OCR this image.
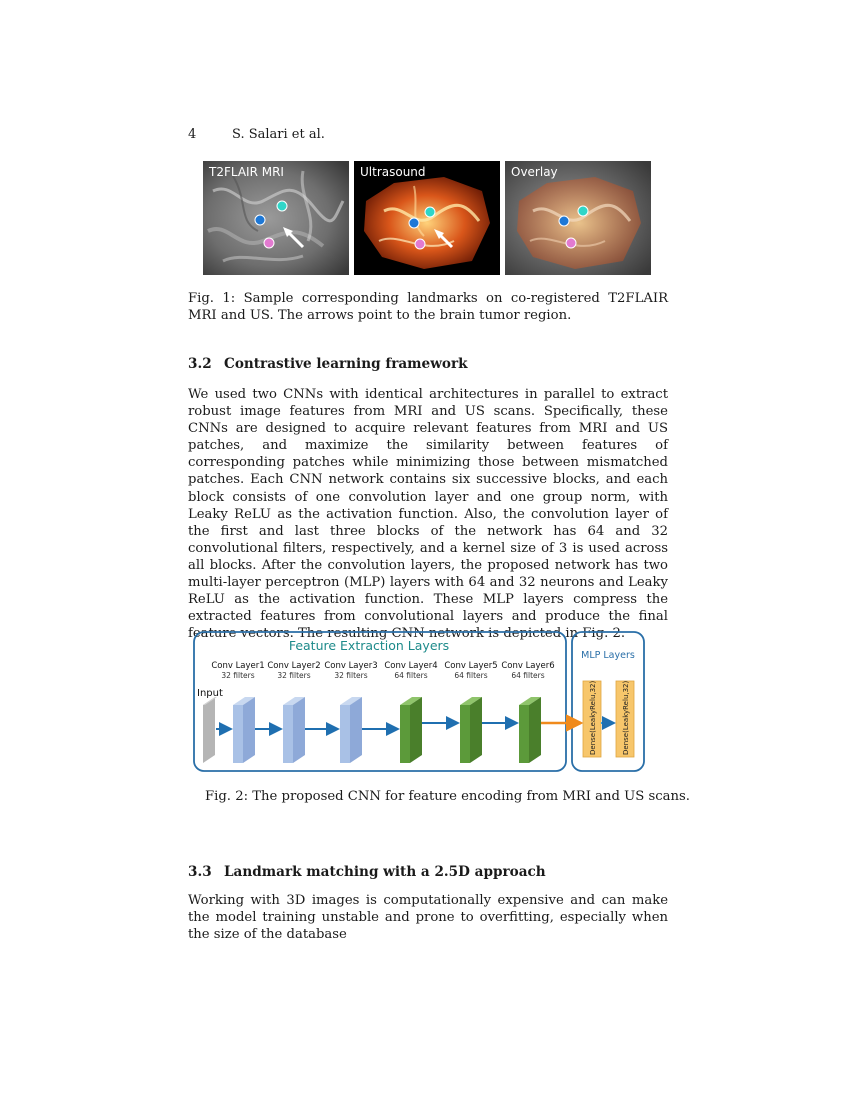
4	S. Salari et al.
T2FLAIR MRI	Ultrasound	Overlay
Fig. 1: Sample corresponding landmarks on co-registered T2FLAIR MRI and US. The arrows point to the brain tumor region.
3.2 Contrastive learning framework
We used two CNNs with identical architectures in parallel to extract robust image features from MRI and US scans. Specifically, these CNNs are designed to acquire relevant features from MRI and US patches, and maximize the similarity between features of corresponding patches while minimizing those between mismatched patches. Each CNN network contains six successive blocks, and each block consists of one convolution layer and one group norm, with Leaky ReLU as the activation function. Also, the convolution layer of the first and last three blocks of the network has 64 and 32 convolutional filters, respectively, and a kernel size of 3 is used across all blocks. After the convolution layers, the proposed network has two multi-layer perceptron (MLP) layers with 64 and 32 neurons and Leaky ReLU as the activation function. These MLP layers compress the extracted features from convolutional layers and produce the final feature vectors. The resulting CNN network is depicted in Fig. 2.
Feature Extraction Layers
MLP Layers
Conv Layer1
32 filters
Conv Layer2
32 filters
Conv Layer3
32 filters
Conv Layer4
64 filters
Conv Layer5
64 filters
Conv Layer6
64 filters
Input	Dense(LeakyRelu,32)	Dense(LeakyRelu,32)
Fig. 2: The proposed CNN for feature encoding from MRI and US scans.
3.3 Landmark matching with a 2.5D approach
Working with 3D images is computationally expensive and can make the model training unstable and prone to overfitting, especially when the size of the database
